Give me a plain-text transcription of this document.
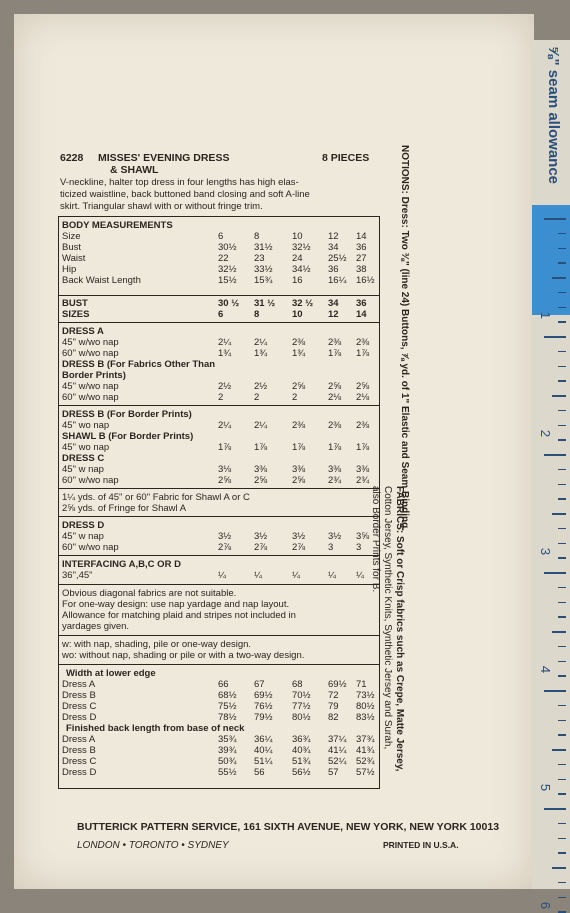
⅝" seam allowance
1
2
3
4
5
6
6228 MISSES' EVENING DRESS
& SHAWL
8 PIECES
V-neckline, halter top dress in four lengths has high elas-
ticized waistline, back buttoned band closing and soft A-line
skirt. Triangular shawl with or without fringe trim.
BODY MEASUREMENTS
Size	6	8	10	12 14
Bust	30½ 31½ 32½ 34 36
Waist	22	23	24	25½ 27
Hip	32½ 33½ 34½ 36 38
Back Waist Length	15½ 15¾ 16	16¼ 16½
BUST	30 ½ 31 ½ 32 ½ 34 36
SIZES	6	8	10	12 14
DRESS A
45" w/wo nap	2¼ 2¼	2⅜ 2⅜ 2⅜
60" w/wo nap	1¾ 1¾	1¾ 1⅞ 1⅞
DRESS B (For Fabrics Other Than
Border Prints)
45" w/wo nap	2½ 2½	2⅝ 2⅝ 2⅝
60" w/wo nap	2	2	2	2⅛ 2⅛
DRESS B (For Border Prints)
45" wo nap	2¼ 2¼	2⅜ 2⅜ 2⅜
SHAWL B (For Border Prints)
45" wo nap	1⅞ 1⅞	1⅞ 1⅞ 1⅞
DRESS C
45" w nap	3⅛ 3⅜	3⅜ 3⅜ 3⅜
60" w/wo nap	2⅝ 2⅝	2⅝ 2¾ 2¾
1¼ yds. of 45" or 60" Fabric for Shawl A or C
2⅝ yds. of Fringe for Shawl A
DRESS D
45" w nap	3½ 3½	3½ 3½ 3⅝
60" w/wo nap	2⅞ 2⅞	2⅞ 3 3
INTERFACING A,B,C OR D
36",45"	¼	¼	¼	¼ ¼
Obvious diagonal fabrics are not suitable.
For one-way design: use nap yardage and nap layout.
Allowance for matching plaid and stripes not included in
yardages given.
w: with nap, shading, pile or one-way design.
wo: without nap, shading or pile or with a two-way design.
Width at lower edge
Dress A	66	67	68	69½ 71
Dress B	68½ 69½ 70½ 72 73½
Dress C	75½ 76½ 77½ 79 80½
Dress D	78½ 79½ 80½ 82 83½
Finished back length from base of neck
Dress A	35¾ 36¼ 36¾ 37¼ 37¾
Dress B	39¾ 40¼ 40¾ 41¼ 41¾
Dress C	50¾ 51¼ 51¾ 52¼ 52¾
Dress D	55½ 56	56½ 57 57½
NOTIONS: Dress: Two ⅜" (line 24) Buttons, ⅞ yd. of 1" Elastic and Seam Binding.
FABRICS: Soft or Crisp fabrics such as Crepe, Matte Jersey,
Cotton Jersey, Synthetic Knits, Synthetic Jersey and Surah,
also Border Prints for B.
BUTTERICK PATTERN SERVICE, 161 SIXTH AVENUE, NEW YORK, NEW YORK 10013
LONDON • TORONTO • SYDNEY	PRINTED IN U.S.A.
